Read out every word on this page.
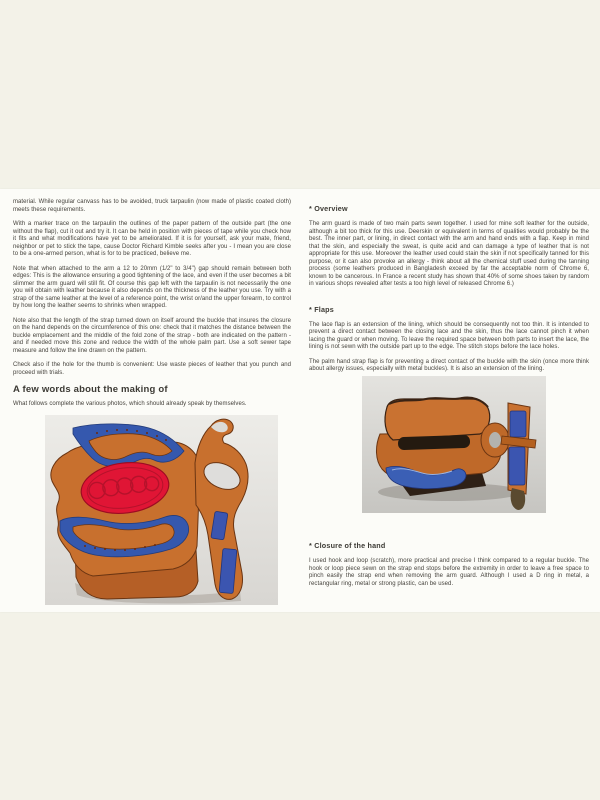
material. While regular canvass has to be avoided, truck tarpaulin (now made of plastic coated cloth) meets these requirements.

With a marker trace on the tarpaulin the outlines of the paper pattern of the outside part (the one without the flap), cut it out and try it. It can be held in position with pieces of tape while you check how it fits and what modifications have yet to be ameliorated. If it is for yourself, ask your mate, friend, neighbor or pet to stick the tape, cause Doctor Richard Kimble seeks after you - I mean you are close to be a one-armed person, what is for to be practiced, believe me.

Note that when attached to the arm a 12 to 20mm (1/2" to 3/4") gap should remain between both edges: This is the allowance ensuring a good tightening of the lace, and even if the user becomes a bit slimmer the arm guard will still fit. Of course this gap left with the tarpaulin is not necessarily the one you will obtain with leather because it also depends on the thickness of the leather you use. Try with a strap of the same leather at the level of a reference point, the wrist or/and the upper forearm, to control by how long the leather seems to shrinks when wrapped.

Note also that the length of the strap turned down on itself around the buckle that insures the closure on the hand depends on the circumference of this one: check that it matches the distance between the buckle emplacement and the middle of the fold zone of the strap - both are indicated on the pattern - and if needed move this zone and reduce the width of the whole palm part. Use a soft sewer tape measure and follow the line drawn on the pattern.

Check also if the hole for the thumb is convenient: Use waste pieces of leather that you punch and proceed with trials.

A few words about the making of

What follows complete the various photos, which should already speak by themselves.

* Overview

The arm guard is made of two main parts sewn together. I used for mine soft leather for the outside, although a bit too thick for this use. Deerskin or equivalent in terms of qualities would probably be the best. The inner part, or lining, in direct contact with the arm and hand ends with a flap. Keep in mind that the skin, and especially the sweat, is quite acid and can damage a type of leather that is not appropriate for this use. Moreover the leather used could stain the skin if not specifically tanned for this purpose, or it can also provoke an allergy - think about all the chemical stuff used during the tanning process (some leathers produced in Bangladesh exceed by far the acceptable norm of Chrome 6, known to be cancerous. In France a recent study has shown that 40% of some shoes taken by random in various shops revealed after tests a too high level of released Chrome 6.)

* Flaps

The lace flap is an extension of the lining, which should be consequently not too thin. It is intended to prevent a direct contact between the closing lace and the skin, thus the lace cannot pinch it when lacing the guard or when moving. To leave the required space between both parts to insert the lace, the lining is not sewn with the outside part up to the edge. The stitch stops before the lace holes.

The palm hand strap flap is for preventing a direct contact of the buckle with the skin (once more think about allergy issues, especially with metal buckles). It is also an extension of the lining.

* Closure of the hand

I used hook and loop (scratch), more practical and precise I think compared to a regular buckle. The hook or loop piece sewn on the strap end stops before the extremity in order to leave a free space to pinch easily the strap end when removing the arm guard. Although I used a D ring in metal, a rectangular ring, metal or strong plastic, can be used.
